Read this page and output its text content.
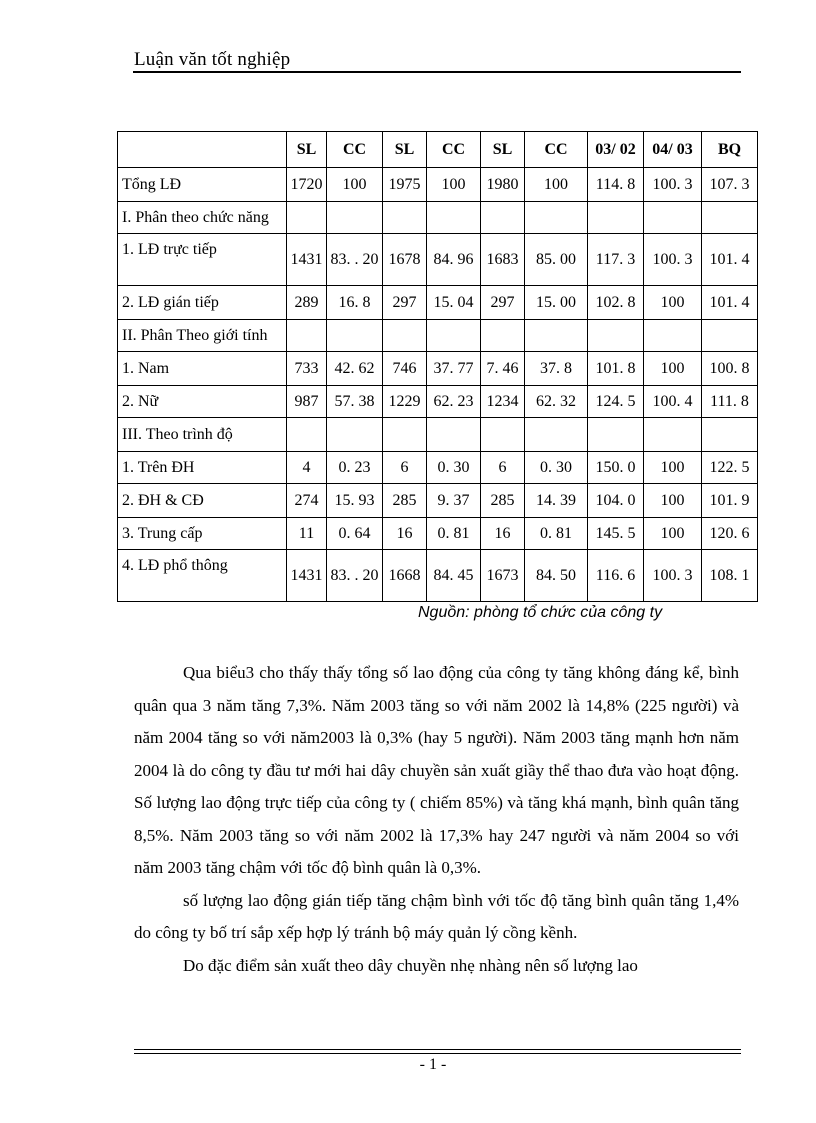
Luận văn tốt nghiệp
	SL	CC	SL	CC	SL	CC	03/ 02	04/ 03	BQ
Tổng LĐ	1720	100	1975	100	1980	100	114. 8	100. 3	107. 3
I. Phân theo chức năng									
1. LĐ trực tiếp	1431	83. . 20	1678	84. 96	1683	85. 00	117. 3	100. 3	101. 4
2. LĐ gián tiếp	289	16. 8	297	15. 04	297	15. 00	102. 8	100	101. 4
II. Phân Theo giới tính									
1. Nam	733	42. 62	746	37. 77	7. 46	37. 8	101. 8	100	100. 8
2. Nữ	987	57. 38	1229	62. 23	1234	62. 32	124. 5	100. 4	111. 8
III. Theo trình độ									
1. Trên ĐH	4	0. 23	6	0. 30	6	0. 30	150. 0	100	122. 5
2. ĐH & CĐ	274	15. 93	285	9. 37	285	14. 39	104. 0	100	101. 9
3. Trung cấp	11	0. 64	16	0. 81	16	0. 81	145. 5	100	120. 6
4. LĐ phổ thông	1431	83. . 20	1668	84. 45	1673	84. 50	116. 6	100. 3	108. 1
Nguồn: phòng tổ chức của công ty

Qua biểu3 cho thấy thấy tổng số lao động của công ty tăng không đáng kể, bình quân qua 3 năm tăng 7,3%. Năm 2003 tăng so với năm 2002 là 14,8% (225 người) và năm 2004 tăng so với năm2003 là 0,3% (hay 5 người). Năm 2003 tăng mạnh hơn năm 2004 là do công ty đầu tư mới hai dây chuyền sản xuất giầy thể thao đưa vào hoạt động. Số lượng lao động trực tiếp của công ty ( chiếm 85%) và tăng khá mạnh, bình quân tăng 8,5%. Năm 2003 tăng so với năm 2002 là 17,3% hay 247 người và năm 2004 so với năm 2003 tăng chậm với tốc độ bình quân là 0,3%.

số lượng lao động gián tiếp tăng chậm bình với tốc độ tăng bình quân tăng 1,4% do công ty bố trí sắp xếp hợp lý tránh bộ máy quản lý cồng kềnh.

Do đặc điểm sản xuất theo dây chuyền nhẹ nhàng nên số lượng lao

- 1 -
